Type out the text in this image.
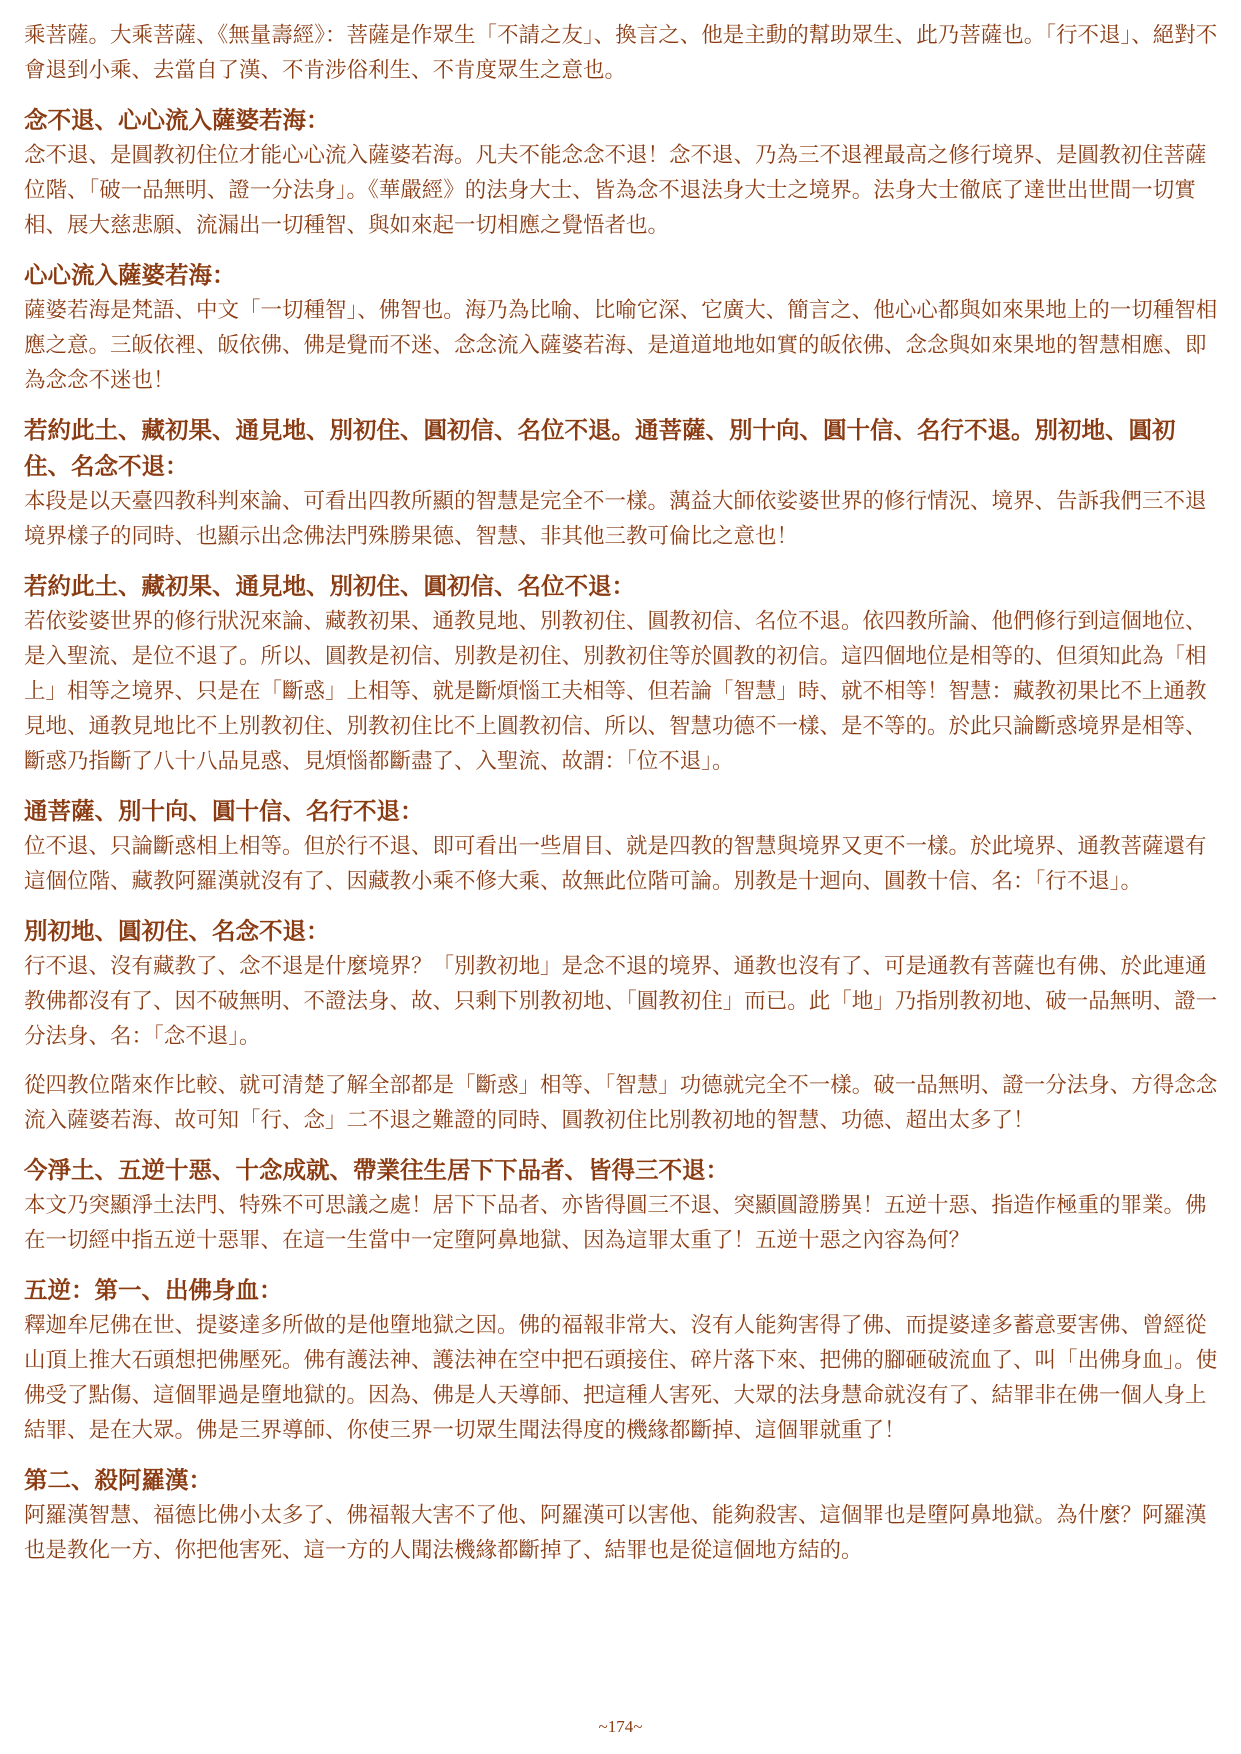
乘菩薩。大乘菩薩、《無量壽經》：菩薩是作眾生「不請之友」、換言之、他是主動的幫助眾生、此乃菩薩也。「行不退」、絕對不會退到小乘、去當自了漢、不肯涉俗利生、不肯度眾生之意也。

念不退、心心流入薩婆若海：

念不退、是圓教初住位才能心心流入薩婆若海。凡夫不能念念不退！念不退、乃為三不退裡最高之修行境界、是圓教初住菩薩位階、「破一品無明、證一分法身」。《華嚴經》的法身大士、皆為念不退法身大士之境界。法身大士徹底了達世出世間一切實相、展大慈悲願、流漏出一切種智、與如來起一切相應之覺悟者也。

心心流入薩婆若海：

薩婆若海是梵語、中文「一切種智」、佛智也。海乃為比喻、比喻它深、它廣大、簡言之、他心心都與如來果地上的一切種智相應之意。三皈依裡、皈依佛、佛是覺而不迷、念念流入薩婆若海、是道道地地如實的皈依佛、念念與如來果地的智慧相應、即為念念不迷也！

若約此土、藏初果、通見地、別初住、圓初信、名位不退。通菩薩、別十向、圓十信、名行不退。別初地、圓初住、名念不退：

本段是以天臺四教科判來論、可看出四教所顯的智慧是完全不一樣。蕅益大師依娑婆世界的修行情況、境界、告訴我們三不退境界樣子的同時、也顯示出念佛法門殊勝果德、智慧、非其他三教可倫比之意也！

若約此土、藏初果、通見地、別初住、圓初信、名位不退：

若依娑婆世界的修行狀況來論、藏教初果、通教見地、別教初住、圓教初信、名位不退。依四教所論、他們修行到這個地位、是入聖流、是位不退了。所以、圓教是初信、別教是初住、別教初住等於圓教的初信。這四個地位是相等的、但須知此為「相上」相等之境界、只是在「斷惑」上相等、就是斷煩惱工夫相等、但若論「智慧」時、就不相等！智慧：藏教初果比不上通教見地、通教見地比不上別教初住、別教初住比不上圓教初信、所以、智慧功德不一樣、是不等的。於此只論斷惑境界是相等、斷惑乃指斷了八十八品見惑、見煩惱都斷盡了、入聖流、故謂：「位不退」。

通菩薩、別十向、圓十信、名行不退：

位不退、只論斷惑相上相等。但於行不退、即可看出一些眉目、就是四教的智慧與境界又更不一樣。於此境界、通教菩薩還有這個位階、藏教阿羅漢就沒有了、因藏教小乘不修大乘、故無此位階可論。別教是十迴向、圓教十信、名：「行不退」。

別初地、圓初住、名念不退：

行不退、沒有藏教了、念不退是什麼境界？「別教初地」是念不退的境界、通教也沒有了、可是通教有菩薩也有佛、於此連通教佛都沒有了、因不破無明、不證法身、故、只剩下別教初地、「圓教初住」而已。此「地」乃指別教初地、破一品無明、證一分法身、名：「念不退」。

從四教位階來作比較、就可清楚了解全部都是「斷惑」相等、「智慧」功德就完全不一樣。破一品無明、證一分法身、方得念念流入薩婆若海、故可知「行、念」二不退之難證的同時、圓教初住比別教初地的智慧、功德、超出太多了！

今淨土、五逆十惡、十念成就、帶業往生居下下品者、皆得三不退：

本文乃突顯淨土法門、特殊不可思議之處！居下下品者、亦皆得圓三不退、突顯圓證勝異！五逆十惡、指造作極重的罪業。佛在一切經中指五逆十惡罪、在這一生當中一定墮阿鼻地獄、因為這罪太重了！五逆十惡之內容為何？

五逆：第一、出佛身血：

釋迦牟尼佛在世、提婆達多所做的是他墮地獄之因。佛的福報非常大、沒有人能夠害得了佛、而提婆達多蓄意要害佛、曾經從山頂上推大石頭想把佛壓死。佛有護法神、護法神在空中把石頭接住、碎片落下來、把佛的腳砸破流血了、叫「出佛身血」。使佛受了點傷、這個罪過是墮地獄的。因為、佛是人天導師、把這種人害死、大眾的法身慧命就沒有了、結罪非在佛一個人身上結罪、是在大眾。佛是三界導師、你使三界一切眾生聞法得度的機緣都斷掉、這個罪就重了！

第二、殺阿羅漢：

阿羅漢智慧、福德比佛小太多了、佛福報大害不了他、阿羅漢可以害他、能夠殺害、這個罪也是墮阿鼻地獄。為什麼？阿羅漢也是教化一方、你把他害死、這一方的人聞法機緣都斷掉了、結罪也是從這個地方結的。

~174~
